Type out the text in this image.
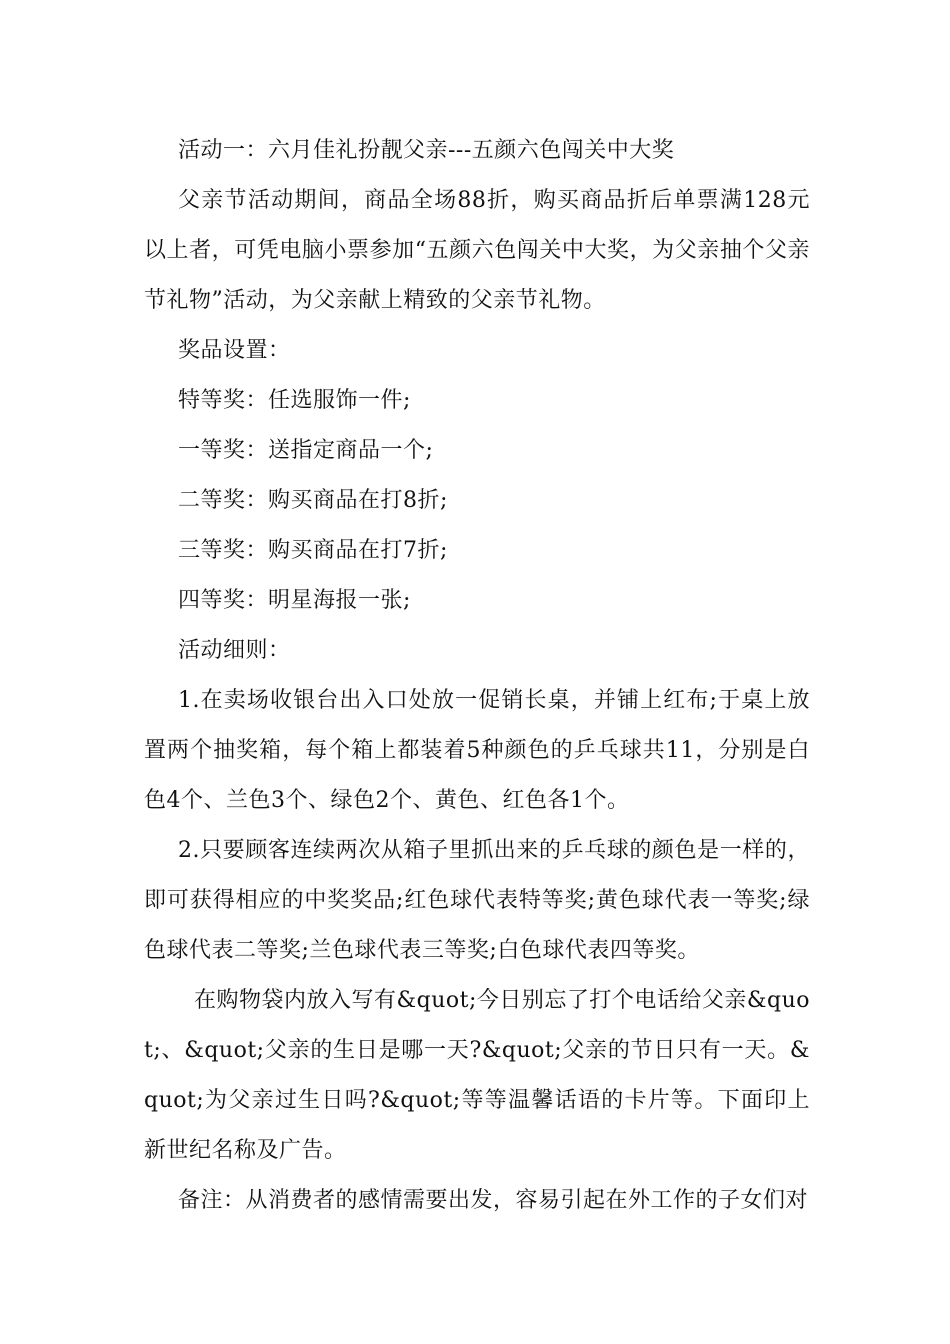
活动一：六月佳礼扮靓父亲---五颜六色闯关中大奖

父亲节活动期间，商品全场88折，购买商品折后单票满128元以上者，可凭电脑小票参加“五颜六色闯关中大奖，为父亲抽个父亲节礼物”活动，为父亲献上精致的父亲节礼物。

奖品设置：

特等奖：任选服饰一件;

一等奖：送指定商品一个;

二等奖：购买商品在打8折;

三等奖：购买商品在打7折;

四等奖：明星海报一张;

活动细则：

1.在卖场收银台出入口处放一促销长桌，并铺上红布;于桌上放置两个抽奖箱，每个箱上都装着5种颜色的乒乓球共11，分别是白色4个、兰色3个、绿色2个、黄色、红色各1个。

2.只要顾客连续两次从箱子里抓出来的乒乓球的颜色是一样的，即可获得相应的中奖奖品;红色球代表特等奖;黄色球代表一等奖;绿色球代表二等奖;兰色球代表三等奖;白色球代表四等奖。

在购物袋内放入写有&quot;今日别忘了打个电话给父亲&quot;、&quot;父亲的生日是哪一天?&quot;父亲的节日只有一天。&quot;为父亲过生日吗?&quot;等等温馨话语的卡片等。下面印上新世纪名称及广告。

备注：从消费者的感情需要出发，容易引起在外工作的子女们对
